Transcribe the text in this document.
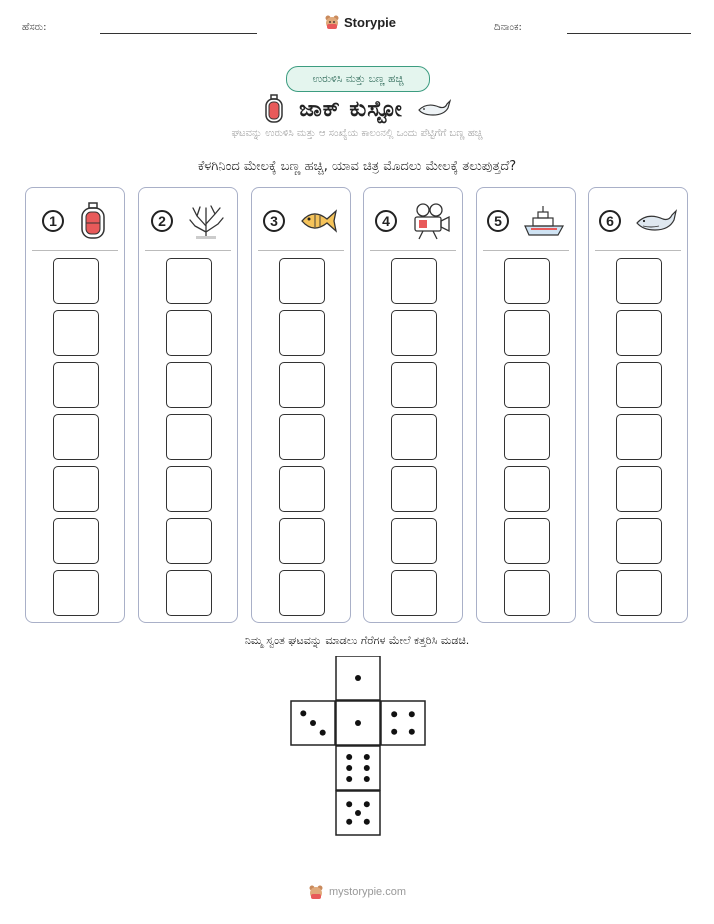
ಹೆಸರು:	Storypie	ದಿನಾಂಕ:
ಉರುಳಿಸಿ ಮತ್ತು ಬಣ್ಣ ಹಚ್ಚಿ
ಜಾಕ್ ಕುಸ್ಟೋ
ಘಟವನ್ನು ಉರುಳಿಸಿ ಮತ್ತು ಆ ಸಂಖ್ಯೆಯ ಕಾಲಂನಲ್ಲಿ ಒಂದು ಪೆಟ್ಟಿಗೆಗೆ ಬಣ್ಣ ಹಚ್ಚಿ
ಕೆಳಗಿನಿಂದ ಮೇಲಕ್ಕೆ ಬಣ್ಣ ಹಚ್ಚಿ, ಯಾವ ಚಿತ್ರ ಮೊದಲು ಮೇಲಕ್ಕೆ ತಲುಪುತ್ತದೆ?
1	2	3	4	5	6
ನಿಮ್ಮ ಸ್ವಂತ ಘಟವನ್ನು ಮಾಡಲು ಗೆರೆಗಳ ಮೇಲೆ ಕತ್ತರಿಸಿ ಮಡಚಿ.
mystorypie.com
